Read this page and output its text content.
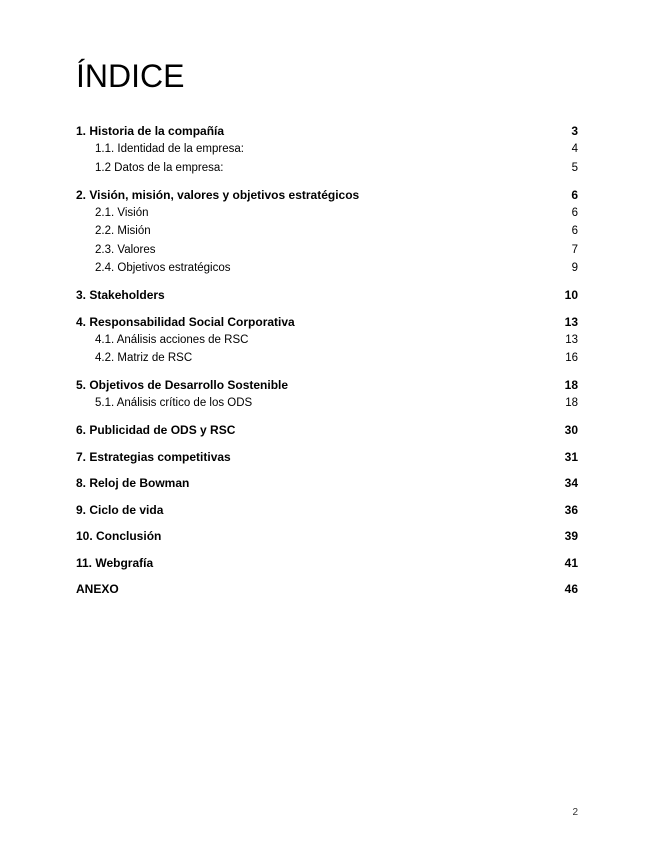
ÍNDICE
1. Historia de la compañía	3
1.1. Identidad de la empresa:	4
1.2 Datos de la empresa:	5
2. Visión, misión, valores y objetivos estratégicos	6
2.1. Visión	6
2.2. Misión	6
2.3. Valores	7
2.4. Objetivos estratégicos	9
3. Stakeholders	10
4. Responsabilidad Social Corporativa	13
4.1. Análisis acciones de RSC	13
4.2. Matriz de RSC	16
5. Objetivos de Desarrollo Sostenible	18
5.1. Análisis crítico de los ODS	18
6. Publicidad de ODS y RSC	30
7. Estrategias competitivas	31
8. Reloj de Bowman	34
9. Ciclo de vida	36
10. Conclusión	39
11. Webgrafía	41
ANEXO	46
2
